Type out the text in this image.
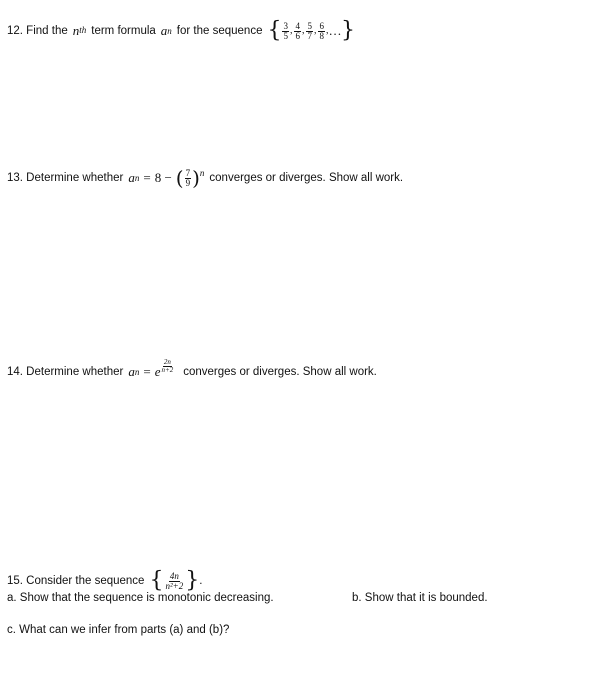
12. Find the n th term formula a n for the sequence { $\frac{3}{5}$ , $\frac{4}{6}$ , $\frac{5}{7}$ , $\frac{6}{8}$ , … }
13. Determine whether a n = 8 − ( $\frac{7}{9}$ ) n converges or diverges. Show all work.
14. Determine whether a n = e $\frac{2n}{n+2}$ converges or diverges. Show all work.
15. Consider the sequence { $\frac{4n}{\text{n²+2}}$ } .
a. Show that the sequence is monotonic decreasing.	b. Show that it is bounded.
c. What can we infer from parts (a) and (b)?
